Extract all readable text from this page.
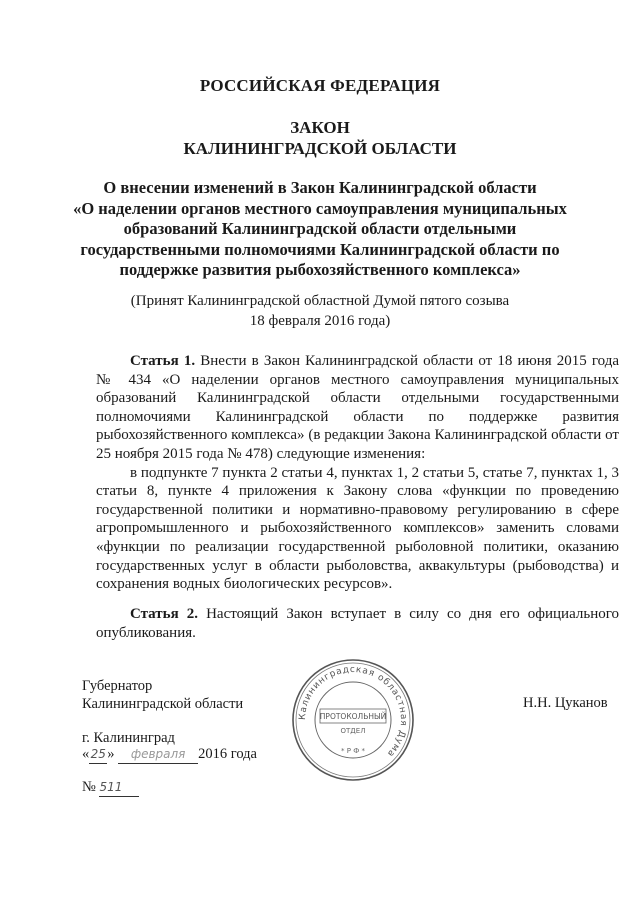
РОССИЙСКАЯ ФЕДЕРАЦИЯ
ЗАКОН
КАЛИНИНГРАДСКОЙ ОБЛАСТИ
О внесении изменений в Закон Калининградской области
«О наделении органов местного самоуправления муниципальных
образований Калининградской области отдельными
государственными полномочиями Калининградской области по
поддержке развития рыбохозяйственного комплекса»
(Принят Калининградской областной Думой пятого созыва
18 февраля 2016 года)
Статья 1. Внести в Закон Калининградской области от 18 июня 2015 года № 434 «О наделении органов местного самоуправления муниципальных образований Калининградской области отдельными государственными полномочиями Калининградской области по поддержке развития рыбохозяйственного комплекса» (в редакции Закона Калининградской области от 25 ноября 2015 года № 478) следующие изменения:
в подпункте 7 пункта 2 статьи 4, пунктах 1, 2 статьи 5, статье 7, пунктах 1, 3 статьи 8, пункте 4 приложения к Закону слова «функции по проведению государственной политики и нормативно-правовому регулированию в сфере агропромышленного и рыбохозяйственного комплексов» заменить словами «функции по реализации государственной рыболовной политики, оказанию государственных услуг в области рыболовства, аквакультуры (рыбоводства) и сохранения водных биологических ресурсов».
Статья 2. Настоящий Закон вступает в силу со дня его официального опубликования.
Губернатор
Калининградской области	Н.Н. Цуканов
г. Калининград
«25» февраля 2016 года
№ 511
Калининградская областная Дума
ПРОТОКОЛЬНЫЙ
ОТДЕЛ
* Р Ф *
